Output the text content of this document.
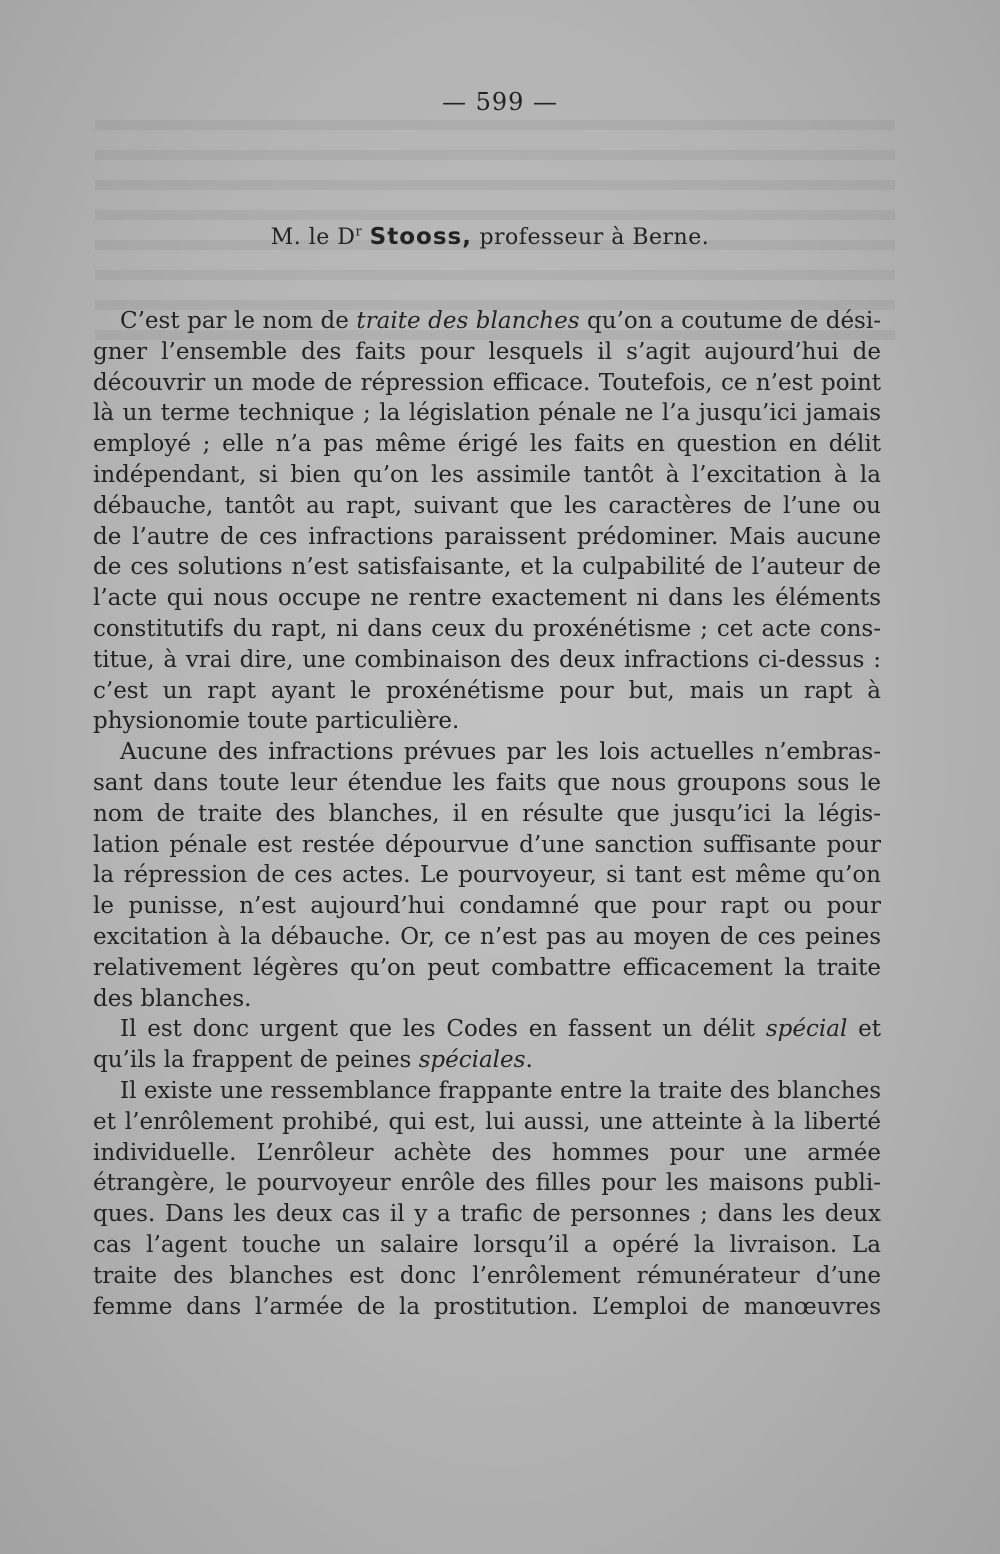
— 599 —
M. le $D^r$ Stooss, professeur à Berne.

C’est par le nom de traite des blanches qu’on a coutume de dési-
gner l’ensemble des faits pour lesquels il s’agit aujourd’hui de
découvrir un mode de répression efficace. Toutefois, ce n’est point
là un terme technique ; la législation pénale ne l’a jusqu’ici jamais
employé ; elle n’a pas même érigé les faits en question en délit
indépendant, si bien qu’on les assimile tantôt à l’excitation à la
débauche, tantôt au rapt, suivant que les caractères de l’une ou
de l’autre de ces infractions paraissent prédominer. Mais aucune
de ces solutions n’est satisfaisante, et la culpabilité de l’auteur de
l’acte qui nous occupe ne rentre exactement ni dans les éléments
constitutifs du rapt, ni dans ceux du proxénétisme ; cet acte cons-
titue, à vrai dire, une combinaison des deux infractions ci-dessus :
c’est un rapt ayant le proxénétisme pour but, mais un rapt à
physionomie toute particulière.

Aucune des infractions prévues par les lois actuelles n’embras-
sant dans toute leur étendue les faits que nous groupons sous le
nom de traite des blanches, il en résulte que jusqu’ici la légis-
lation pénale est restée dépourvue d’une sanction suffisante pour
la répression de ces actes. Le pourvoyeur, si tant est même qu’on
le punisse, n’est aujourd’hui condamné que pour rapt ou pour
excitation à la débauche. Or, ce n’est pas au moyen de ces peines
relativement légères qu’on peut combattre efficacement la traite
des blanches.

Il est donc urgent que les Codes en fassent un délit spécial et
qu’ils la frappent de peines spéciales.

Il existe une ressemblance frappante entre la traite des blanches
et l’enrôlement prohibé, qui est, lui aussi, une atteinte à la liberté
individuelle. L’enrôleur achète des hommes pour une armée
étrangère, le pourvoyeur enrôle des filles pour les maisons publi-
ques. Dans les deux cas il y a trafic de personnes ; dans les deux
cas l’agent touche un salaire lorsqu’il a opéré la livraison. La
traite des blanches est donc l’enrôlement rémunérateur d’une
femme dans l’armée de la prostitution. L’emploi de manœuvres
